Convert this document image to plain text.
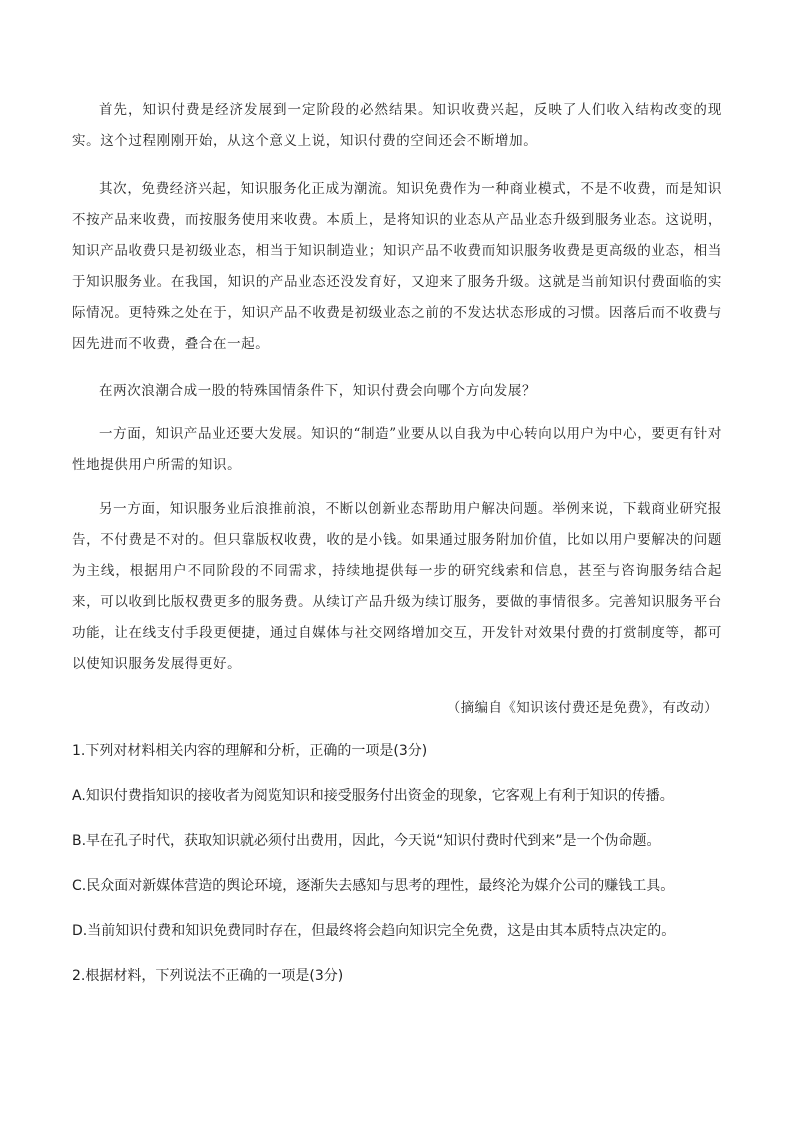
首先，知识付费是经济发展到一定阶段的必然结果。知识收费兴起，反映了人们收入结构改变的现实。这个过程刚刚开始，从这个意义上说，知识付费的空间还会不断增加。

其次，免费经济兴起，知识服务化正成为潮流。知识免费作为一种商业模式，不是不收费，而是知识不按产品来收费，而按服务使用来收费。本质上，是将知识的业态从产品业态升级到服务业态。这说明，知识产品收费只是初级业态，相当于知识制造业；知识产品不收费而知识服务收费是更高级的业态，相当于知识服务业。在我国，知识的产品业态还没发育好，又迎来了服务升级。这就是当前知识付费面临的实际情况。更特殊之处在于，知识产品不收费是初级业态之前的不发达状态形成的习惯。因落后而不收费与因先进而不收费，叠合在一起。

在两次浪潮合成一股的特殊国情条件下，知识付费会向哪个方向发展？

一方面，知识产品业还要大发展。知识的“制造”业要从以自我为中心转向以用户为中心，要更有针对性地提供用户所需的知识。

另一方面，知识服务业后浪推前浪，不断以创新业态帮助用户解决问题。举例来说，下载商业研究报告，不付费是不对的。但只靠版权收费，收的是小钱。如果通过服务附加价值，比如以用户要解决的问题为主线，根据用户不同阶段的不同需求，持续地提供每一步的研究线索和信息，甚至与咨询服务结合起来，可以收到比版权费更多的服务费。从续订产品升级为续订服务，要做的事情很多。完善知识服务平台功能，让在线支付手段更便捷，通过自媒体与社交网络增加交互，开发针对效果付费的打赏制度等，都可以使知识服务发展得更好。

（摘编自《知识该付费还是免费》，有改动）
1.下列对材料相关内容的理解和分析，正确的一项是(3分)
A.知识付费指知识的接收者为阅览知识和接受服务付出资金的现象，它客观上有利于知识的传播。
B.早在孔子时代，获取知识就必须付出费用，因此，今天说“知识付费时代到来”是一个伪命题。
C.民众面对新媒体营造的舆论环境，逐渐失去感知与思考的理性，最终沦为媒介公司的赚钱工具。
D.当前知识付费和知识免费同时存在，但最终将会趋向知识完全免费，这是由其本质特点决定的。
2.根据材料，下列说法不正确的一项是(3分)
